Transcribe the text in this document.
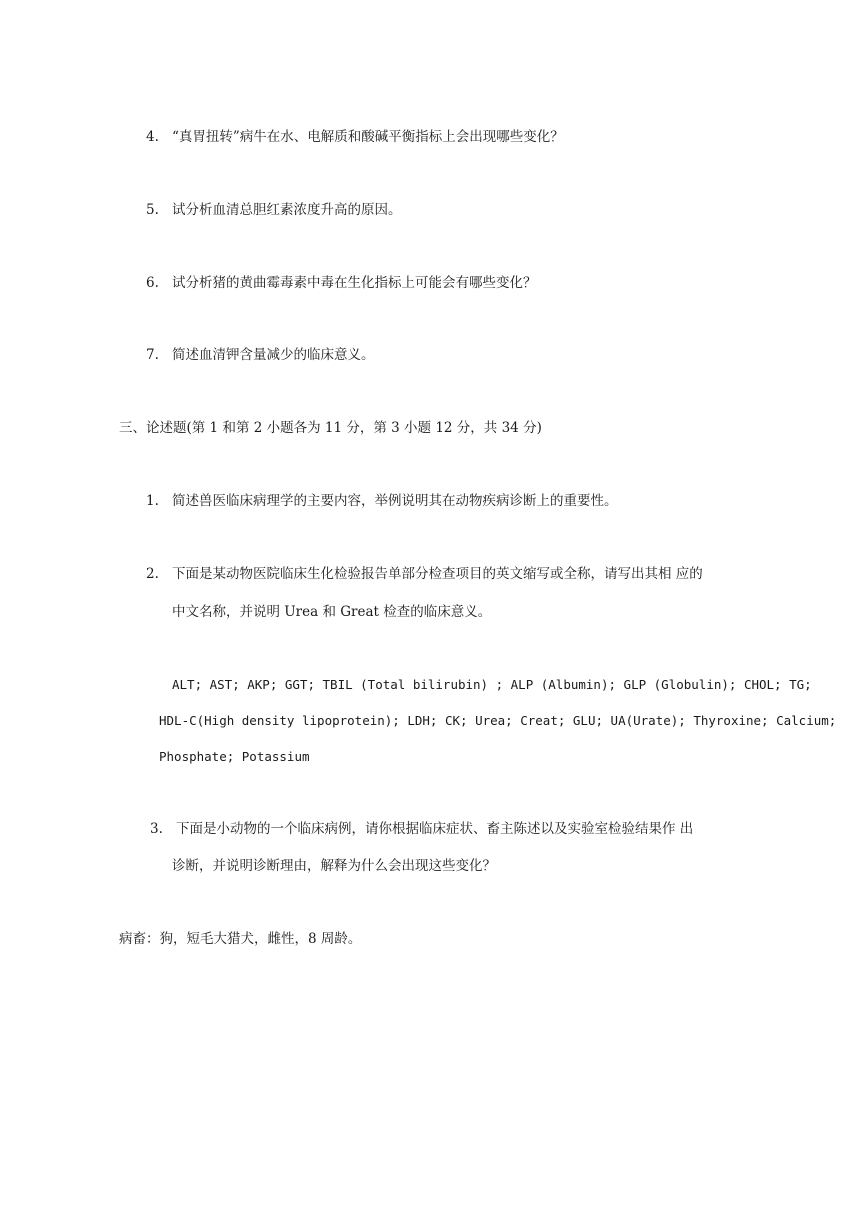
4. “真胃扭转”病牛在水、电解质和酸碱平衡指标上会出现哪些变化？
5. 试分析血清总胆红素浓度升高的原因。
6. 试分析猪的黄曲霉毒素中毒在生化指标上可能会有哪些变化？
7. 简述血清钾含量减少的临床意义。
三、论述题(第 1 和第 2 小题各为 11 分，第 3 小题 12 分，共 34 分)
1. 简述兽医临床病理学的主要内容，举例说明其在动物疾病诊断上的重要性。
2. 下面是某动物医院临床生化检验报告单部分检查项目的英文缩写或全称，请写出其相 应的
中文名称，并说明 Urea 和 Great 检查的临床意义。
ALT; AST; AKP; GGT; TBIL (Total bilirubin) ; ALP (Albumin); GLP (Globulin); CHOL; TG;
HDL-C(High density lipoprotein); LDH; CK; Urea; Creat; GLU; UA(Urate); Thyroxine; Calcium;
Phosphate; Potassium
3. 下面是小动物的一个临床病例，请你根据临床症状、畜主陈述以及实验室检验结果作 出
诊断，并说明诊断理由，解释为什么会出现这些变化？
病畜：狗，短毛大猎犬，雌性，8 周龄。
